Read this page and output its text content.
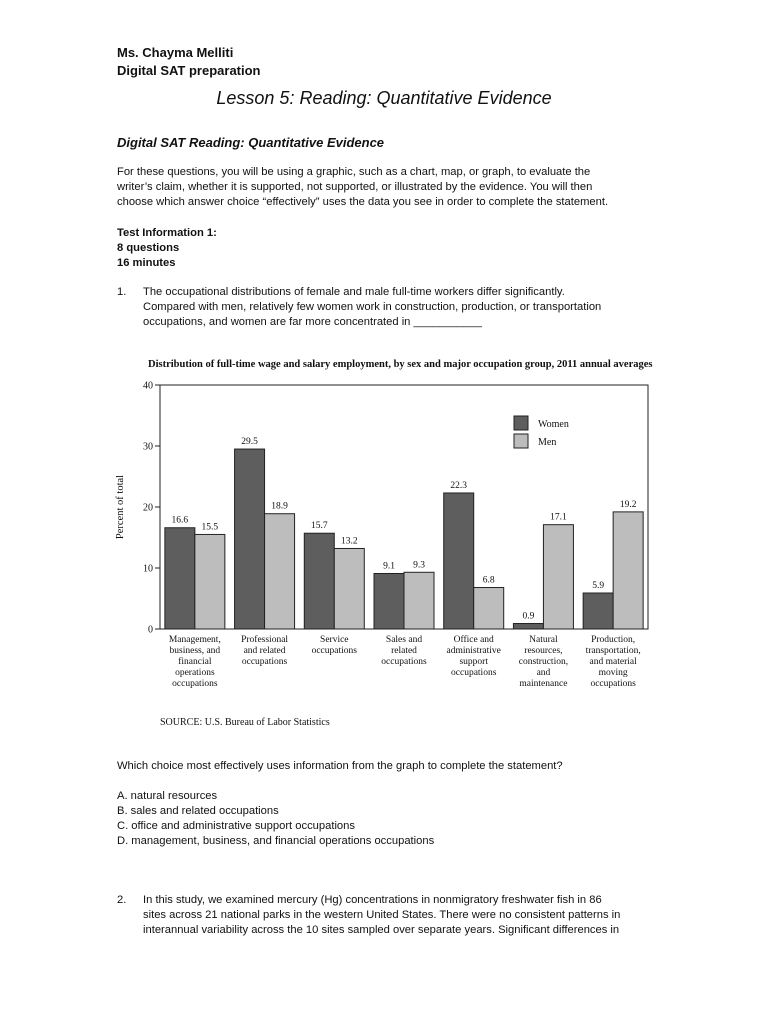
Ms. Chayma Melliti
Digital SAT preparation
Lesson 5: Reading: Quantitative Evidence
Digital SAT Reading: Quantitative Evidence
For these questions, you will be using a graphic, such as a chart, map, or graph, to evaluate the
writer’s claim, whether it is supported, not supported, or illustrated by the evidence. You will then
choose which answer choice “effectively” uses the data you see in order to complete the statement.
Test Information 1:
8 questions
16 minutes
1. The occupational distributions of female and male full-time workers differ significantly.
Compared with men, relatively few women work in construction, production, or transportation
occupations, and women are far more concentrated in ___________
Distribution of full-time wage and salary employment, by sex and major occupation group, 2011 annual averages
Percent of total
0
10
20
30
40
16.6
15.5
Management,
business, and
financial
operations
occupations
29.5
18.9
Professional
and related
occupations
15.7
13.2
Service
occupations
9.1 9.3
Sales and
related
occupations
22.3
6.8
Office and
administrative
support
occupations
0.9
17.1
Natural
resources,
construction,
and
maintenance
5.9
19.2
Production,
transportation,
and material
moving
occupations
Women
Men
SOURCE: U.S. Bureau of Labor Statistics
Which choice most effectively uses information from the graph to complete the statement?
A. natural resources
B. sales and related occupations
C. office and administrative support occupations
D. management, business, and financial operations occupations
2. In this study, we examined mercury (Hg) concentrations in nonmigratory freshwater fish in 86
sites across 21 national parks in the western United States. There were no consistent patterns in
interannual variability across the 10 sites sampled over separate years. Significant differences in
